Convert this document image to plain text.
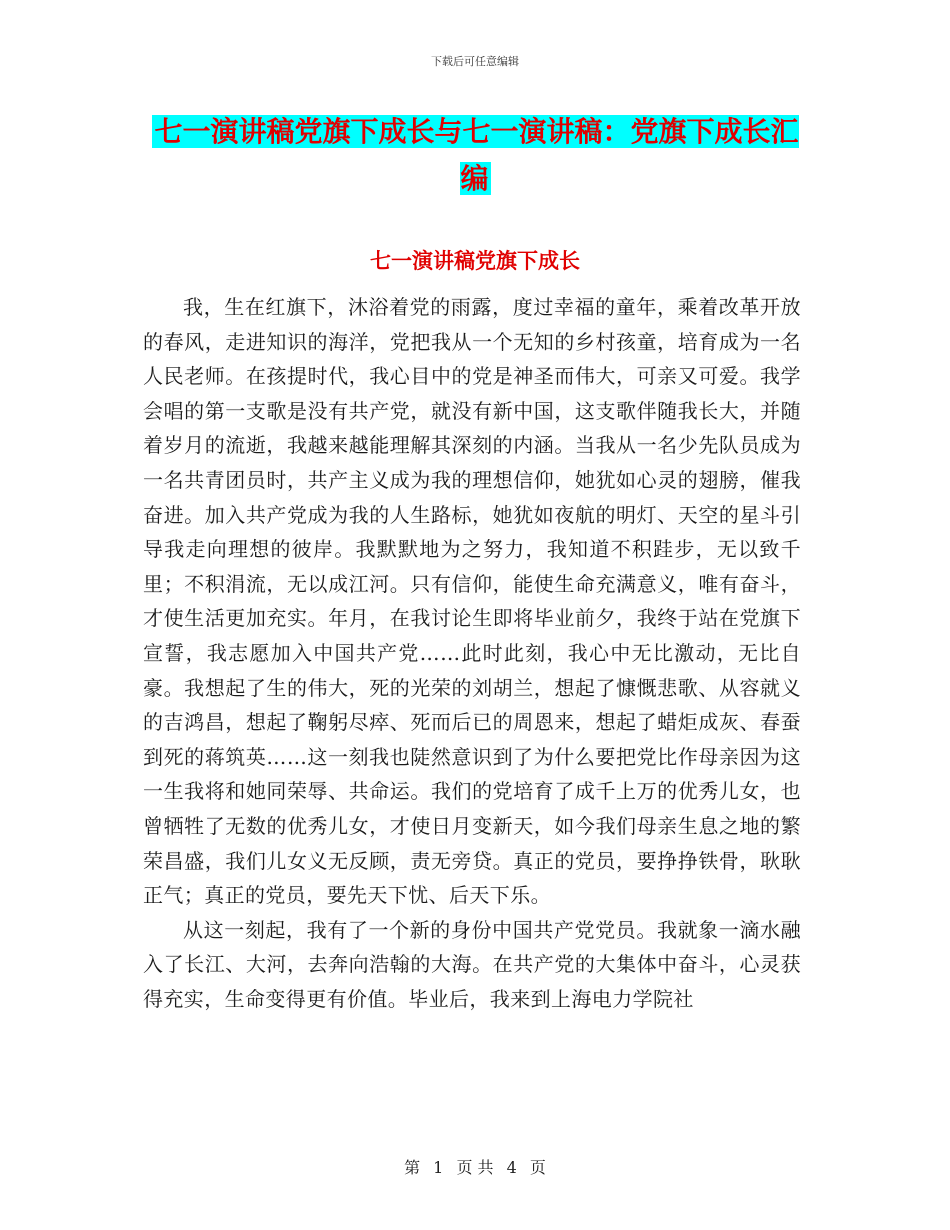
下载后可任意编辑
七一演讲稿党旗下成长与七一演讲稿：党旗下成长汇编
七一演讲稿党旗下成长

我，生在红旗下，沐浴着党的雨露，度过幸福的童年，乘着改革开放的春风，走进知识的海洋，党把我从一个无知的乡村孩童，培育成为一名人民老师。在孩提时代，我心目中的党是神圣而伟大，可亲又可爱。我学会唱的第一支歌是没有共产党，就没有新中国，这支歌伴随我长大，并随着岁月的流逝，我越来越能理解其深刻的内涵。当我从一名少先队员成为一名共青团员时，共产主义成为我的理想信仰，她犹如心灵的翅膀，催我奋进。加入共产党成为我的人生路标，她犹如夜航的明灯、天空的星斗引导我走向理想的彼岸。我默默地为之努力，我知道不积跬步，无以致千里；不积涓流，无以成江河。只有信仰，能使生命充满意义，唯有奋斗，才使生活更加充实。年月，在我讨论生即将毕业前夕，我终于站在党旗下宣誓，我志愿加入中国共产党……此时此刻，我心中无比激动，无比自豪。我想起了生的伟大，死的光荣的刘胡兰，想起了慷慨悲歌、从容就义的吉鸿昌，想起了鞠躬尽瘁、死而后已的周恩来，想起了蜡炬成灰、春蚕到死的蒋筑英……这一刻我也陡然意识到了为什么要把党比作母亲因为这一生我将和她同荣辱、共命运。我们的党培育了成千上万的优秀儿女，也曾牺牲了无数的优秀儿女，才使日月变新天，如今我们母亲生息之地的繁荣昌盛，我们儿女义无反顾，责无旁贷。真正的党员，要挣挣铁骨，耿耿正气；真正的党员，要先天下忧、后天下乐。

从这一刻起，我有了一个新的身份中国共产党党员。我就象一滴水融入了长江、大河，去奔向浩翰的大海。在共产党的大集体中奋斗，心灵获得充实，生命变得更有价值。毕业后，我来到上海电力学院社

第 1 页 共 4 页
